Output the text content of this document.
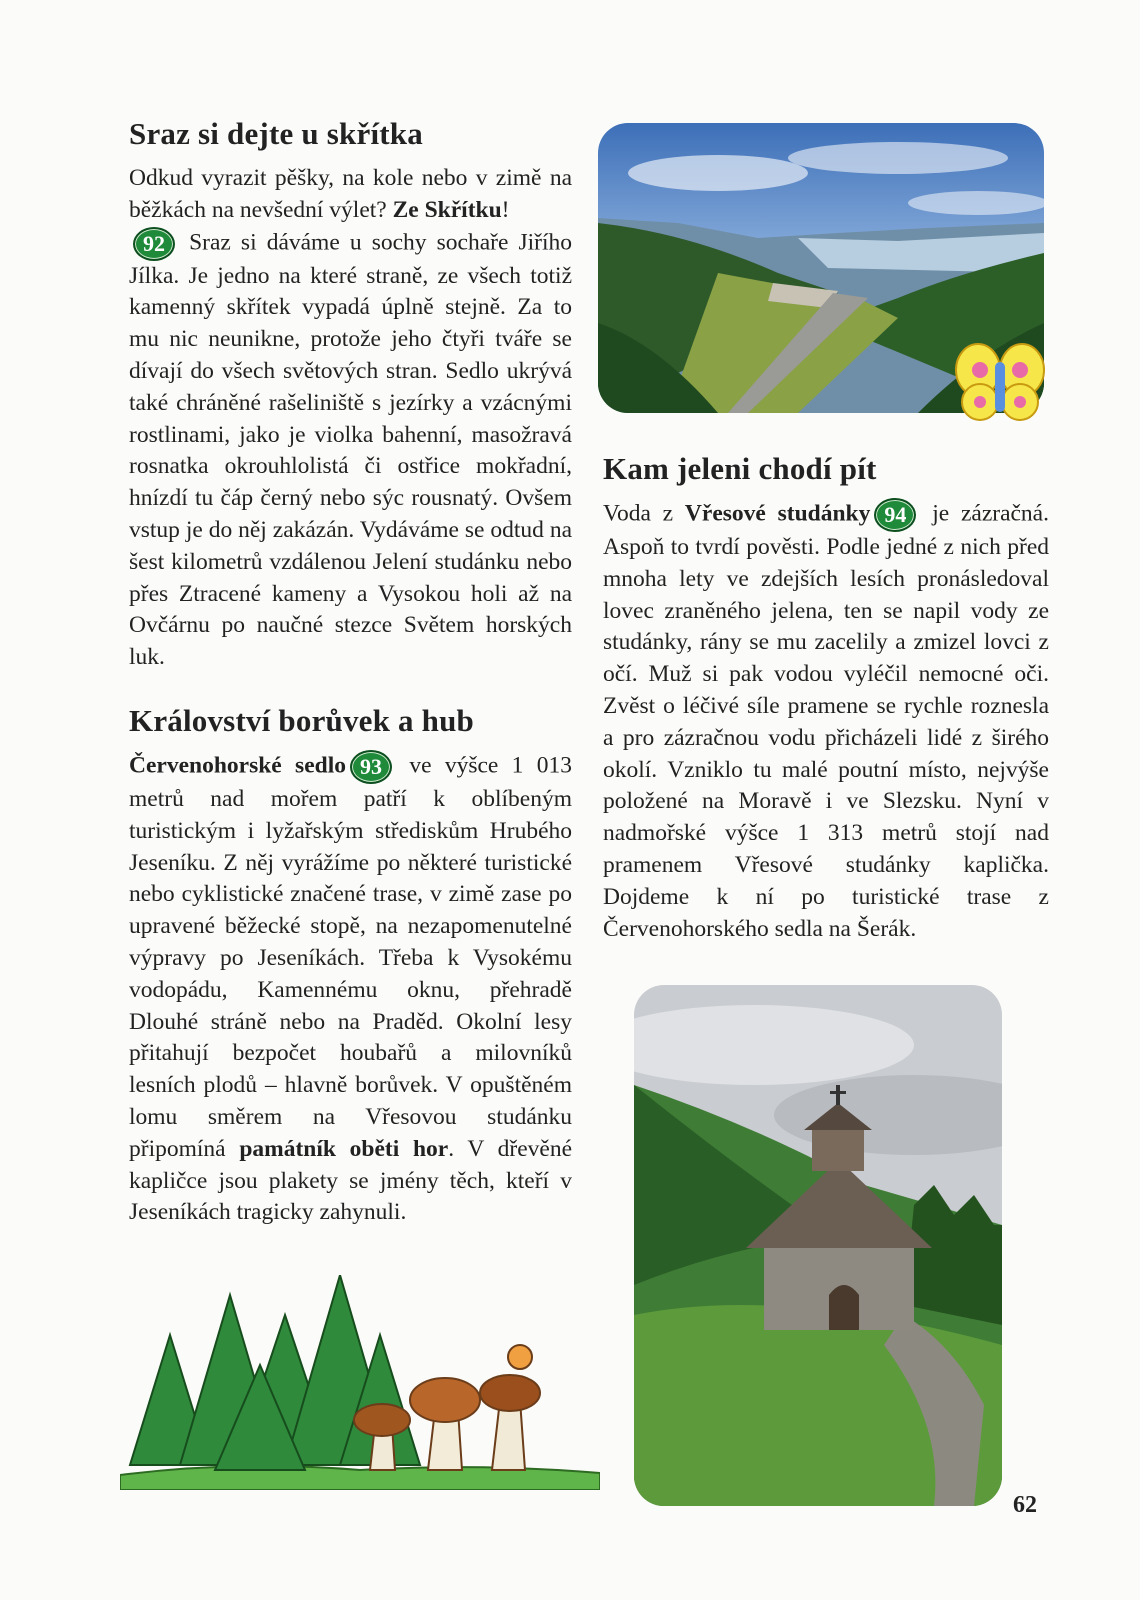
Sraz si dejte u skřítka

Odkud vyrazit pěšky, na kole nebo v zimě na běžkách na nevšední výlet? Ze Skřítku!
92 Sraz si dáváme u sochy sochaře Jiřího Jílka. Je jedno na které straně, ze všech totiž kamenný skřítek vypadá úplně stejně. Za to mu nic neunikne, protože jeho čtyři tváře se dívají do všech světových stran. Sedlo ukrývá také chráněné rašeliniště s jezírky a vzácnými rostlinami, jako je violka bahenní, masožravá rosnatka okrouhlolistá či ostřice mokřadní, hnízdí tu čáp černý nebo sýc rousnatý. Ovšem vstup je do něj zakázán. Vydáváme se odtud na šest kilometrů vzdálenou Jelení studánku nebo přes Ztracené kameny a Vysokou holi až na Ovčárnu po naučné stezce Světem horských luk.

Království borůvek a hub

Červenohorské sedlo 93 ve výšce 1 013 metrů nad mořem patří k oblíbeným turistickým i lyžařským střediskům Hrubého Jeseníku. Z něj vyrážíme po některé turistické nebo cyklistické značené trase, v zimě zase po upravené běžecké stopě, na nezapomenutelné výpravy po Jeseníkách. Třeba k Vysokému vodopádu, Kamennému oknu, přehradě Dlouhé stráně nebo na Praděd. Okolní lesy přitahují bezpočet houbařů a milovníků lesních plodů – hlavně borůvek. V opuštěném lomu směrem na Vřesovou studánku připomíná památník oběti hor. V dřevěné kapličce jsou plakety se jmény těch, kteří v Jeseníkách tragicky zahynuli.

Kam jeleni chodí pít

Voda z Vřesové studánky 94 je zázračná. Aspoň to tvrdí pověsti. Podle jedné z nich před mnoha lety ve zdejších lesích pronásledoval lovec zraněného jelena, ten se napil vody ze studánky, rány se mu zacelily a zmizel lovci z očí. Muž si pak vodou vyléčil nemocné oči. Zvěst o léčivé síle pramene se rychle roznesla a pro zázračnou vodu přicházeli lidé z širého okolí. Vzniklo tu malé poutní místo, nejvýše položené na Moravě i ve Slezsku. Nyní v nadmořské výšce 1 313 metrů stojí nad pramenem Vřesové studánky kaplička. Dojdeme k ní po turistické trase z Červenohorského sedla na Šerák.

62
